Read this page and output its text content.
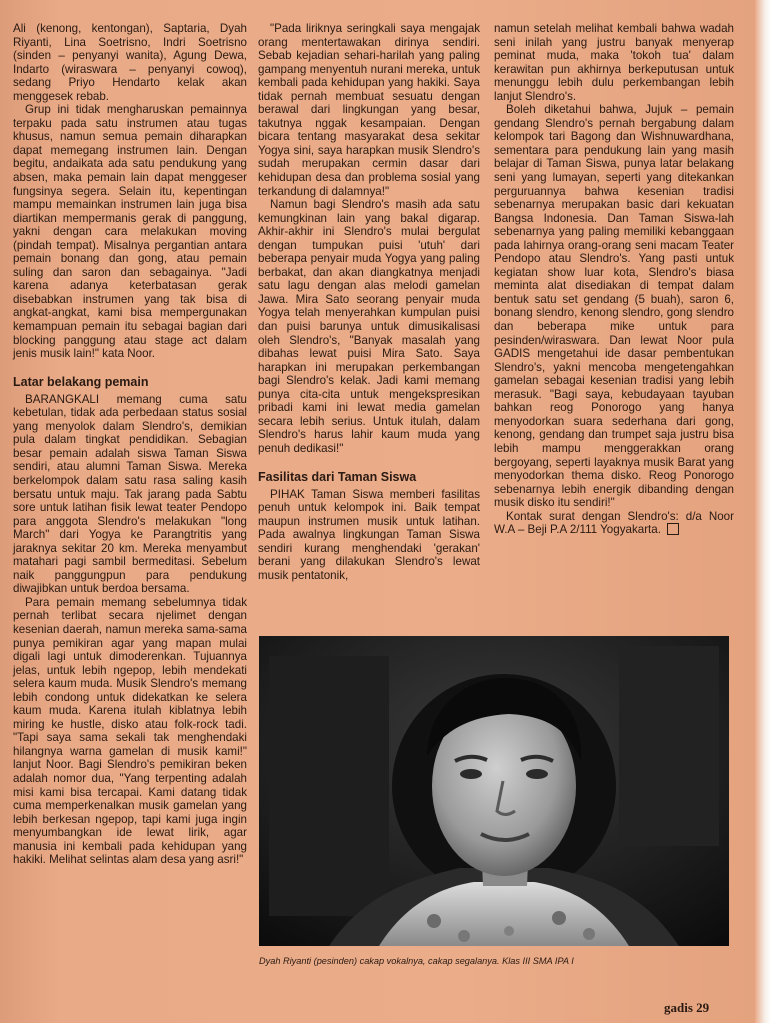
Ali (kenong, kentongan), Saptaria, Dyah Riyanti, Lina Soetrisno, Indri Soetrisno (sinden – penyanyi wanita), Agung Dewa, Indarto (wiraswara – penyanyi cowoq), sedang Priyo Hendarto kelak akan menggesek rebab.

Grup ini tidak mengharuskan pemainnya terpaku pada satu instrumen atau tugas khusus, namun semua pemain diharapkan dapat memegang instrumen lain. Dengan begitu, andaikata ada satu pendukung yang absen, maka pemain lain dapat menggeser fungsinya segera. Selain itu, kepentingan mampu memainkan instrumen lain juga bisa diartikan mempermanis gerak di panggung, yakni dengan cara melakukan moving (pindah tempat). Misalnya pergantian antara pemain bonang dan gong, atau pemain suling dan saron dan sebagainya. "Jadi karena adanya keterbatasan gerak disebabkan instrumen yang tak bisa di angkat-angkat, kami bisa mempergunakan kemampuan pemain itu sebagai bagian dari blocking panggung atau stage act dalam jenis musik lain!" kata Noor.

Latar belakang pemain

BARANGKALI memang cuma satu kebetulan, tidak ada perbedaan status sosial yang menyolok dalam Slendro's, demikian pula dalam tingkat pendidikan. Sebagian besar pemain adalah siswa Taman Siswa sendiri, atau alumni Taman Siswa. Mereka berkelompok dalam satu rasa saling kasih bersatu untuk maju. Tak jarang pada Sabtu sore untuk latihan fisik lewat teater Pendopo para anggota Slendro's melakukan "long March" dari Yogya ke Parangtritis yang jaraknya sekitar 20 km. Mereka menyambut matahari pagi sambil bermeditasi. Sebelum naik panggungpun para pendukung diwajibkan untuk berdoa bersama.

Para pemain memang sebelumnya tidak pernah terlibat secara njelimet dengan kesenian daerah, namun mereka sama-sama punya pemikiran agar yang mapan mulai digali lagi untuk dimoderenkan. Tujuannya jelas, untuk lebih ngepop, lebih mendekati selera kaum muda. Musik Slendro's memang lebih condong untuk didekatkan ke selera kaum muda. Karena itulah kiblatnya lebih miring ke hustle, disko atau folk-rock tadi. "Tapi saya sama sekali tak menghendaki hilangnya warna gamelan di musik kami!" lanjut Noor. Bagi Slendro's pemikiran beken adalah nomor dua, "Yang terpenting adalah misi kami bisa tercapai. Kami datang tidak cuma memperkenalkan musik gamelan yang lebih berkesan ngepop, tapi kami juga ingin menyumbangkan ide lewat lirik, agar manusia ini kembali pada kehidupan yang hakiki. Melihat selintas alam desa yang asri!"

"Pada liriknya seringkali saya mengajak orang mentertawakan dirinya sendiri. Sebab kejadian sehari-harilah yang paling gampang menyentuh nurani mereka, untuk kembali pada kehidupan yang hakiki. Saya tidak pernah membuat sesuatu dengan berawal dari lingkungan yang besar, takutnya nggak kesampaian. Dengan bicara tentang masyarakat desa sekitar Yogya sini, saya harapkan musik Slendro's sudah merupakan cermin dasar dari kehidupan desa dan problema sosial yang terkandung di dalamnya!"

Namun bagi Slendro's masih ada satu kemungkinan lain yang bakal digarap. Akhir-akhir ini Slendro's mulai bergulat dengan tumpukan puisi 'utuh' dari beberapa penyair muda Yogya yang paling berbakat, dan akan diangkatnya menjadi satu lagu dengan alas melodi gamelan Jawa. Mira Sato seorang penyair muda Yogya telah menyerahkan kumpulan puisi dan puisi barunya untuk dimusikalisasi oleh Slendro's, "Banyak masalah yang dibahas lewat puisi Mira Sato. Saya harapkan ini merupakan perkembangan bagi Slendro's kelak. Jadi kami memang punya cita-cita untuk mengekspresikan pribadi kami ini lewat media gamelan secara lebih serius. Untuk itulah, dalam Slendro's harus lahir kaum muda yang penuh dedikasi!"

Fasilitas dari Taman Siswa

PIHAK Taman Siswa memberi fasilitas penuh untuk kelompok ini. Baik tempat maupun instrumen musik untuk latihan. Pada awalnya lingkungan Taman Siswa sendiri kurang menghendaki 'gerakan' berani yang dilakukan Slendro's lewat musik pentatonik,

namun setelah melihat kembali bahwa wadah seni inilah yang justru banyak menyerap peminat muda, maka 'tokoh tua' dalam kerawitan pun akhirnya berkeputusan untuk menunggu lebih dulu perkembangan lebih lanjut Slendro's.

Boleh diketahui bahwa, Jujuk – pemain gendang Slendro's pernah bergabung dalam kelompok tari Bagong dan Wishnuwardhana, sementara para pendukung lain yang masih belajar di Taman Siswa, punya latar belakang seni yang lumayan, seperti yang ditekankan perguruannya bahwa kesenian tradisi sebenarnya merupakan basic dari kekuatan Bangsa Indonesia. Dan Taman Siswa-lah sebenarnya yang paling memiliki kebanggaan pada lahirnya orang-orang seni macam Teater Pendopo atau Slendro's. Yang pasti untuk kegiatan show luar kota, Slendro's biasa meminta alat disediakan di tempat dalam bentuk satu set gendang (5 buah), saron 6, bonang slendro, kenong slendro, gong slendro dan beberapa mike untuk para pesinden/wiraswara. Dan lewat Noor pula GADIS mengetahui ide dasar pembentukan Slendro's, yakni mencoba mengetengahkan gamelan sebagai kesenian tradisi yang lebih merasuk. "Bagi saya, kebudayaan tayuban bahkan reog Ponorogo yang hanya menyodorkan suara sederhana dari gong, kenong, gendang dan trumpet saja justru bisa lebih mampu menggerakkan orang bergoyang, seperti layaknya musik Barat yang menyodorkan thema disko. Reog Ponorogo sebenarnya lebih energik dibanding dengan musik disko itu sendiri!"

Kontak surat dengan Slendro's: d/a Noor W.A – Beji P.A 2/111 Yogyakarta.

Dyah Riyanti (pesinden) cakap vokalnya, cakap segalanya. Klas III SMA IPA I
gadis 29
